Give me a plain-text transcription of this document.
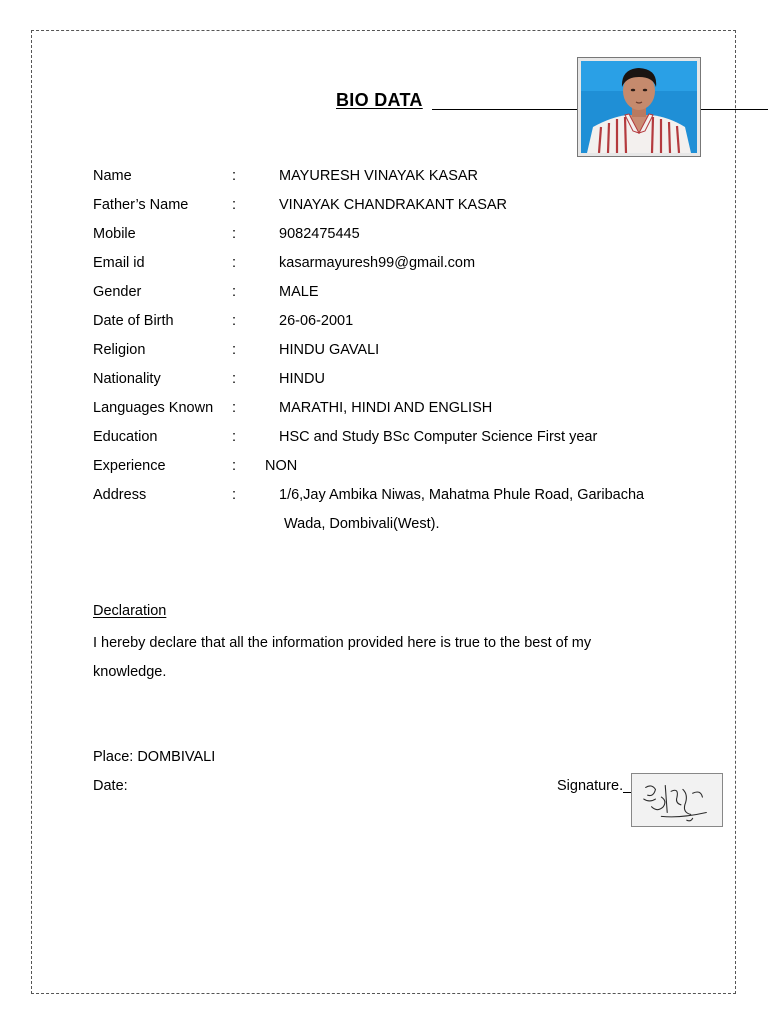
BIO DATA
Name	:	MAYURESH VINAYAK KASAR
Father’s Name	:	VINAYAK CHANDRAKANT KASAR
Mobile	:	9082475445
Email id	:	kasarmayuresh99@gmail.com
Gender	:	MALE
Date of Birth	:	26-06-2001
Religion	:	HINDU GAVALI
Nationality	:	HINDU
Languages Known :	MARATHI, HINDI AND ENGLISH
Education	:	HSC and Study BSc Computer Science First year
Experience	: NON
Address	:	1/6,Jay Ambika Niwas, Mahatma Phule Road, Garibacha
Wada, Dombivali(West).
Declaration
I hereby declare that all the information provided here is true to the best of my knowledge.
Place: DOMBIVALI
Date:	Signature.
